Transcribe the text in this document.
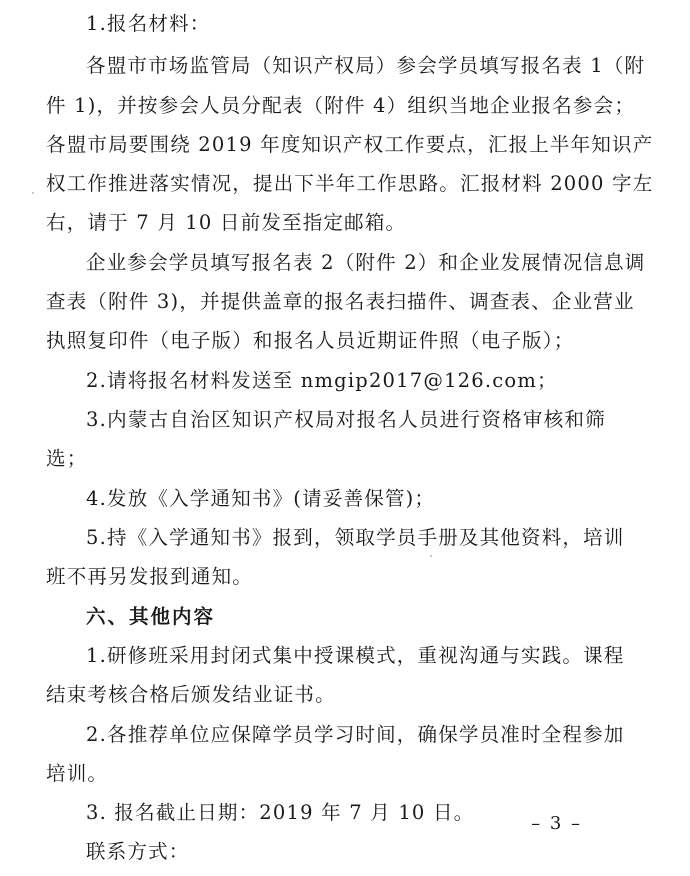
1.报名材料：
各盟市市场监管局（知识产权局）参会学员填写报名表 1（附
件 1)，并按参会人员分配表（附件 4）组织当地企业报名参会；
各盟市局要围绕 2019 年度知识产权工作要点，汇报上半年知识产
权工作推进落实情况，提出下半年工作思路。汇报材料 2000 字左
右，请于 7 月 10 日前发至指定邮箱。
企业参会学员填写报名表 2（附件 2）和企业发展情况信息调
查表（附件 3)，并提供盖章的报名表扫描件、调查表、企业营业
执照复印件（电子版）和报名人员近期证件照（电子版）；
2.请将报名材料发送至 nmgip2017@126.com；
3.内蒙古自治区知识产权局对报名人员进行资格审核和筛
选；
4.发放《入学通知书》(请妥善保管)；
5.持《入学通知书》报到，领取学员手册及其他资料，培训
班不再另发报到通知。
六、其他内容
1.研修班采用封闭式集中授课模式，重视沟通与实践。课程
结束考核合格后颁发结业证书。
2.各推荐单位应保障学员学习时间，确保学员准时全程参加
培训。
3. 报名截止日期：2019 年 7 月 10 日。
联系方式：
– 3 –
